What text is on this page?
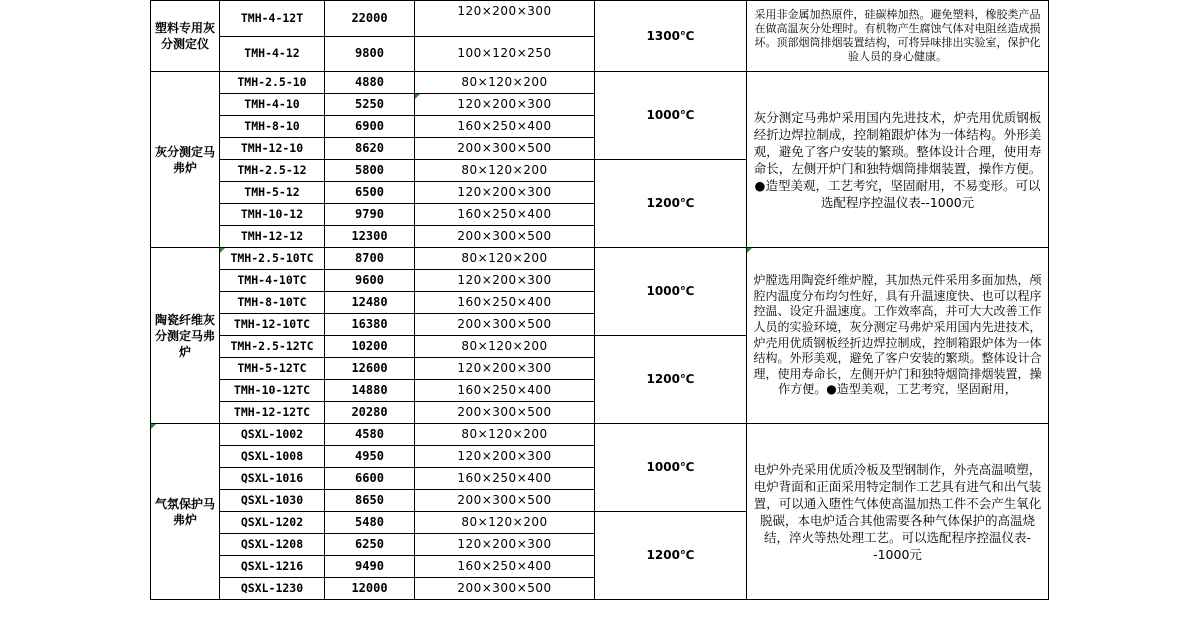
塑料专用灰分测定仪	TMH-4-12T	22000	120×200×300	1300℃	采用非金属加热原件，硅碳棒加热。避免塑料，橡胶类产品在做高温灰分处理时。有机物产生腐蚀气体对电阻丝造成损坏。顶部烟筒排烟装置结构，可将异味排出实验室，保护化验人员的身心健康。
	TMH-4-12	9800	100×120×250		
灰分测定马弗炉	TMH-2.5-10	4880	80×120×200	1000℃	灰分测定马弗炉采用国内先进技术，炉壳用优质钢板经折边焊拉制成，控制箱跟炉体为一体结构。外形美观，避免了客户安装的繁琐。整体设计合理，使用寿命长，左侧开炉门和独特烟筒排烟装置，操作方便。●造型美观，工艺考究，坚固耐用，不易变形。可以选配程序控温仪表--1000元
	TMH-4-10	5250	120×200×300		
	TMH-8-10	6900	160×250×400		
	TMH-12-10	8620	200×300×500		
	TMH-2.5-12	5800	80×120×200	1200℃	
	TMH-5-12	6500	120×200×300		
	TMH-10-12	9790	160×250×400		
	TMH-12-12	12300	200×300×500		
陶瓷纤维灰分测定马弗炉	TMH-2.5-10TC	8700	80×120×200	1000℃	炉膛选用陶瓷纤维炉膛，其加热元件采用多面加热，颅腔内温度分布均匀性好，具有升温速度快、也可以程序控温、设定升温速度。工作效率高，并可大大改善工作人员的实验环境，灰分测定马弗炉采用国内先进技术，炉壳用优质钢板经折边焊拉制成，控制箱跟炉体为一体结构。外形美观，避免了客户安装的繁琐。整体设计合理，使用寿命长，左侧开炉门和独特烟筒排烟装置，操作方便。●造型美观，工艺考究，坚固耐用，
	TMH-4-10TC	9600	120×200×300		
	TMH-8-10TC	12480	160×250×400		
	TMH-12-10TC	16380	200×300×500		
	TMH-2.5-12TC	10200	80×120×200	1200℃	
	TMH-5-12TC	12600	120×200×300		
	TMH-10-12TC	14880	160×250×400		
	TMH-12-12TC	20280	200×300×500		
气氛保护马弗炉	QSXL-1002	4580	80×120×200	1000℃	电炉外壳采用优质冷板及型钢制作，外壳高温喷塑，电炉背面和正面采用特定制作工艺具有进气和出气装置，可以通入堕性气体使高温加热工件不会产生氧化脱碳，本电炉适合其他需要各种气体保护的高温烧结，淬火等热处理工艺。可以选配程序控温仪表--1000元
	QSXL-1008	4950	120×200×300		
	QSXL-1016	6600	160×250×400		
	QSXL-1030	8650	200×300×500		
	QSXL-1202	5480	80×120×200	1200℃	
	QSXL-1208	6250	120×200×300		
	QSXL-1216	9490	160×250×400		
	QSXL-1230	12000	200×300×500		
